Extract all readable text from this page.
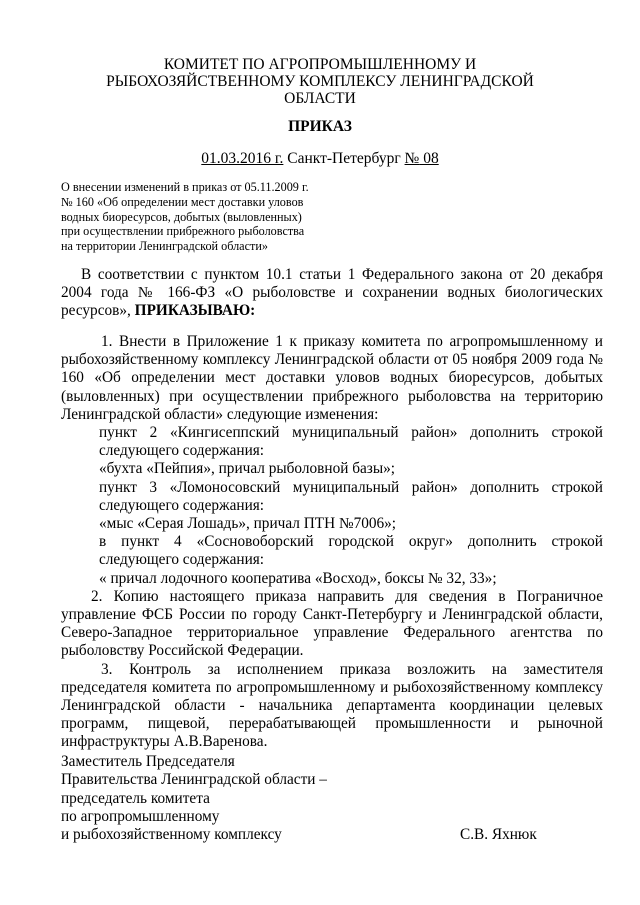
КОМИТЕТ ПО АГРОПРОМЫШЛЕННОМУ И
РЫБОХОЗЯЙСТВЕННОМУ КОМПЛЕКСУ ЛЕНИНГРАДСКОЙ
ОБЛАСТИ
ПРИКАЗ
01.03.2016 г. Санкт-Петербург № 08
О внесении изменений в приказ от 05.11.2009 г.
№ 160 «Об определении мест доставки уловов
водных биоресурсов, добытых (выловленных)
при осуществлении прибрежного рыболовства
на территории Ленинградской области»
В соответствии с пунктом 10.1 статьи 1 Федерального закона от 20 декабря 2004 года № 166-ФЗ «О рыболовстве и сохранении водных биологических ресурсов», ПРИКАЗЫВАЮ:
1. Внести в Приложение 1 к приказу комитета по агропромышленному и рыбохозяйственному комплексу Ленинградской области от 05 ноября 2009 года № 160 «Об определении мест доставки уловов водных биоресурсов, добытых (выловленных) при осуществлении прибрежного рыболовства на территорию Ленинградской области» следующие изменения:
пункт 2 «Кингисеппский муниципальный район» дополнить строкой следующего содержания:
«бухта «Пейпия», причал рыболовной базы»;
пункт 3 «Ломоносовский муниципальный район» дополнить строкой следующего содержания:
«мыс «Серая Лошадь», причал ПТН №7006»;
в пункт 4 «Сосновоборский городской округ» дополнить строкой следующего содержания:
« причал лодочного кооператива «Восход», боксы № 32, 33»;
2. Копию настоящего приказа направить для сведения в Пограничное управление ФСБ России по городу Санкт-Петербургу и Ленинградской области, Северо-Западное территориальное управление Федерального агентства по рыболовству Российской Федерации.
3. Контроль за исполнением приказа возложить на заместителя председателя комитета по агропромышленному и рыбохозяйственному комплексу Ленинградской области - начальника департамента координации целевых программ, пищевой, перерабатывающей промышленности и рыночной инфраструктуры А.В.Варенова.
Заместитель Председателя
Правительства Ленинградской области –
председатель комитета
по агропромышленному
и рыбохозяйственному комплексу	С.В. Яхнюк
